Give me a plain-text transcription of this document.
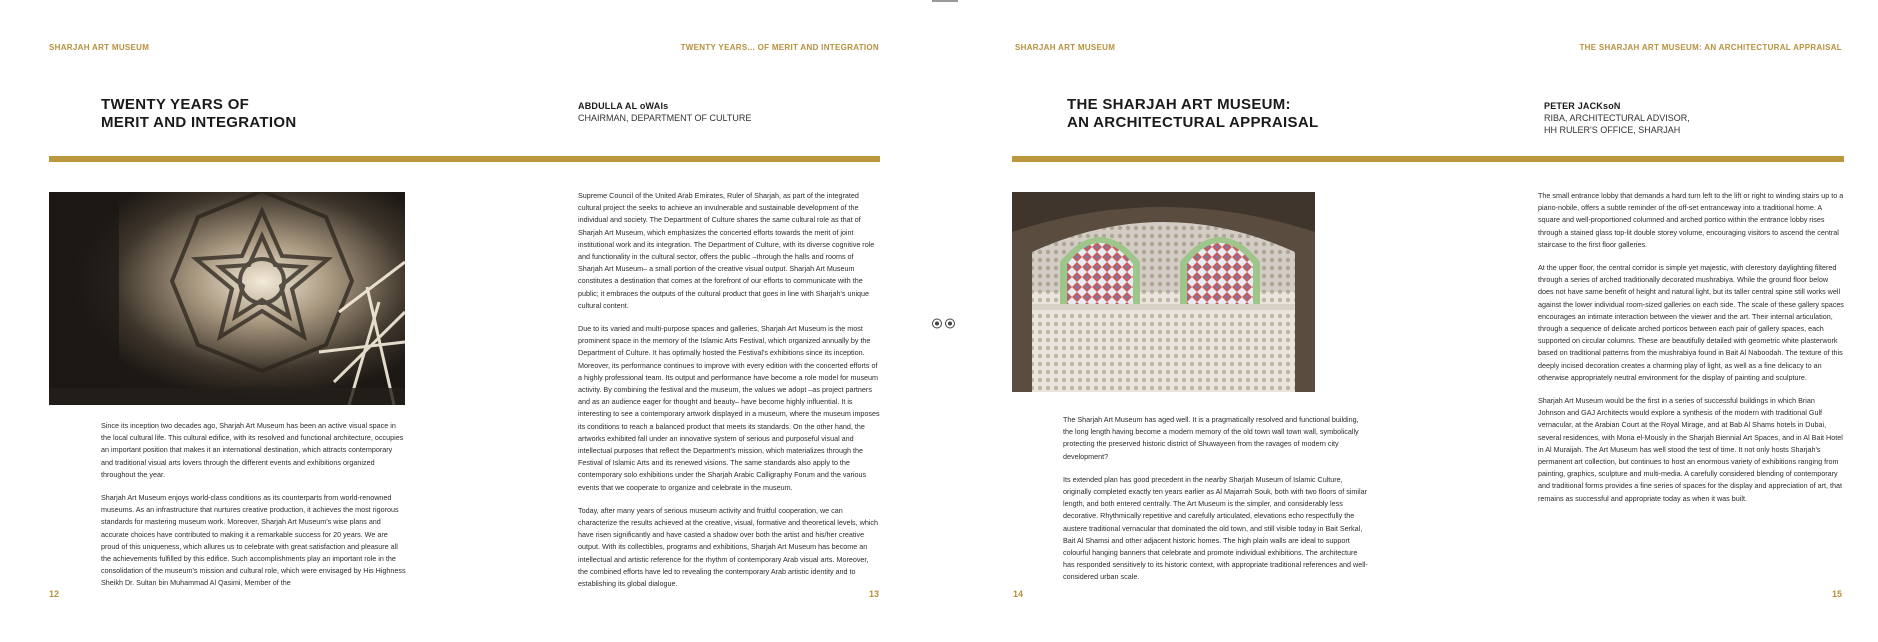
SHARJAH ART MUSEUM	TWENTY YEARS... OF MERIT AND INTEGRATION
TWENTY YEARS OF
MERIT AND INTEGRATION
ABDULLA AL oWAIs
CHAIRMAN, DEPARTMENT OF CULTURE

Since its inception two decades ago, Sharjah Art Museum has been an active visual space in the local cultural life. This cultural edifice, with its resolved and functional architecture, occupies an important position that makes it an international destination, which attracts contemporary and traditional visual arts lovers through the different events and exhibitions organized throughout the year.

Sharjah Art Museum enjoys world-class conditions as its counterparts from world-renowned museums. As an infrastructure that nurtures creative production, it achieves the most rigorous standards for mastering museum work. Moreover, Sharjah Art Museum's wise plans and accurate choices have contributed to making it a remarkable success for 20 years. We are proud of this uniqueness, which allures us to celebrate with great satisfaction and pleasure all the achievements fulfilled by this edifice. Such accomplishments play an important role in the consolidation of the museum's mission and cultural role, which were envisaged by His Highness Sheikh Dr. Sultan bin Muhammad Al Qasimi, Member of the

Supreme Council of the United Arab Emirates, Ruler of Sharjah, as part of the integrated cultural project the seeks to achieve an invulnerable and sustainable development of the individual and society. The Department of Culture shares the same cultural role as that of Sharjah Art Museum, which emphasizes the concerted efforts towards the merit of joint institutional work and its integration. The Department of Culture, with its diverse cognitive role and functionality in the cultural sector, offers the public –through the halls and rooms of Sharjah Art Museum– a small portion of the creative visual output. Sharjah Art Museum constitutes a destination that comes at the forefront of our efforts to communicate with the public; it embraces the outputs of the cultural product that goes in line with Sharjah's unique cultural content.

Due to its varied and multi-purpose spaces and galleries, Sharjah Art Museum is the most prominent space in the memory of the Islamic Arts Festival, which organized annually by the Department of Culture. It has optimally hosted the Festival's exhibitions since its inception. Moreover, its performance continues to improve with every edition with the concerted efforts of a highly professional team. Its output and performance have become a role model for museum activity. By combining the festival and the museum, the values we adopt –as project partners and as an audience eager for thought and beauty– have become highly influential. It is interesting to see a contemporary artwork displayed in a museum, where the museum imposes its conditions to reach a balanced product that meets its standards. On the other hand, the artworks exhibited fall under an innovative system of serious and purposeful visual and intellectual purposes that reflect the Department's mission, which materializes through the Festival of Islamic Arts and its renewed visions. The same standards also apply to the contemporary solo exhibitions under the Sharjah Arabic Calligraphy Forum and the various events that we cooperate to organize and celebrate in the museum.

Today, after many years of serious museum activity and fruitful cooperation, we can characterize the results achieved at the creative, visual, formative and theoretical levels, which have risen significantly and have casted a shadow over both the artist and his/her creative output. With its collectibles, programs and exhibitions, Sharjah Art Museum has become an intellectual and artistic reference for the rhythm of contemporary Arab visual arts. Moreover, the combined efforts have led to revealing the contemporary Arab artistic identity and to establishing its global dialogue.

12	13
SHARJAH ART MUSEUM	THE SHARJAH ART MUSEUM: AN ARCHITECTURAL APPRAISAL
THE SHARJAH ART MUSEUM:
AN ARCHITECTURAL APPRAISAL
PETER JACKsoN
RIBA, ARCHITECTURAL ADVISOR,
HH RULER'S OFFICE, SHARJAH

The Sharjah Art Museum has aged well. It is a pragmatically resolved and functional building, the long length having become a modern memory of the old town wall town wall, symbolically protecting the preserved historic district of Shuwayeen from the ravages of modern city development?

Its extended plan has good precedent in the nearby Sharjah Museum of Islamic Culture, originally completed exactly ten years earlier as Al Majarrah Souk, both with two floors of similar length, and both entered centrally. The Art Museum is the simpler, and considerably less decorative. Rhythmically repetitive and carefully articulated, elevations echo respectfully the austere traditional vernacular that dominated the old town, and still visible today in Bait Serkal, Bait Al Shamsi and other adjacent historic homes. The high plain walls are ideal to support colourful hanging banners that celebrate and promote individual exhibitions. The architecture has responded sensitively to its historic context, with appropriate traditional references and well-considered urban scale.

The small entrance lobby that demands a hard turn left to the lift or right to winding stairs up to a piano-nobile, offers a subtle reminder of the off-set entranceway into a traditional home. A square and well-proportioned columned and arched portico within the entrance lobby rises through a stained glass top-lit double storey volume, encouraging visitors to ascend the central staircase to the first floor galleries.

At the upper floor, the central corridor is simple yet majestic, with clerestory daylighting filtered through a series of arched traditionally decorated mushrabiya. While the ground floor below does not have same benefit of height and natural light, but its taller central spine still works well against the lower individual room-sized galleries on each side. The scale of these gallery spaces encourages an intimate interaction between the viewer and the art. Their internal articulation, through a sequence of delicate arched porticos between each pair of gallery spaces, each supported on circular columns. These are beautifully detailed with geometric white plasterwork based on traditional patterns from the mushrabiya found in Bait Al Naboodah. The texture of this deeply incised decoration creates a charming play of light, as well as a fine delicacy to an otherwise appropriately neutral environment for the display of painting and sculpture.

Sharjah Art Museum would be the first in a series of successful buildings in which Brian Johnson and GAJ Architects would explore a synthesis of the modern with traditional Gulf vernacular, at the Arabian Court at the Royal Mirage, and at Bab Al Shams hotels in Dubai, several residences, with Mona el-Mously in the Sharjah Biennial Art Spaces, and in Al Bait Hotel in Al Muraijah. The Art Museum has well stood the test of time. It not only hosts Sharjah's permanent art collection, but continues to host an enormous variety of exhibitions ranging from painting, graphics, sculpture and multi-media. A carefully considered blending of contemporary and traditional forms provides a fine series of spaces for the display and appreciation of art, that remains as successful and appropriate today as when it was built.

14	15
